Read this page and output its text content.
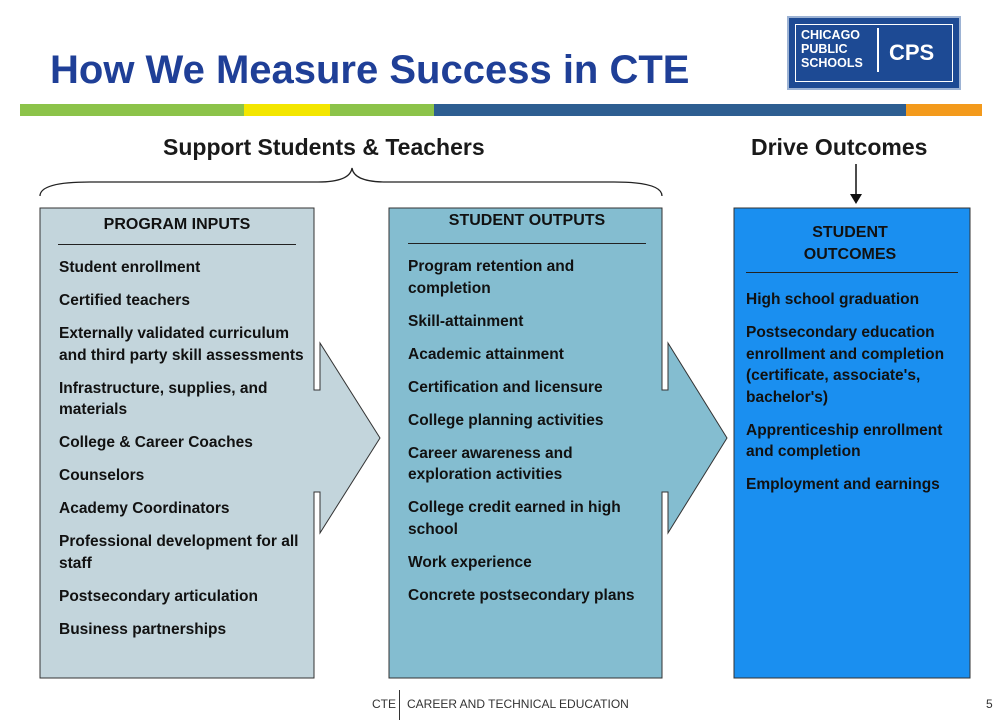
How We Measure Success in CTE
CHICAGO
PUBLIC
SCHOOLS CPS
Support Students & Teachers	Drive Outcomes
PROGRAM INPUTS
Student enrollment
Certified teachers
Externally validated curriculum and third party skill assessments
Infrastructure, supplies, and materials
College & Career Coaches
Counselors
Academy Coordinators
Professional development for all staff
Postsecondary articulation
Business partnerships
STUDENT OUTPUTS
Program retention and completion
Skill-attainment
Academic attainment
Certification and licensure
College planning activities
Career awareness and exploration activities
College credit earned in high school
Work experience
Concrete postsecondary plans
STUDENT OUTCOMES
High school graduation
Postsecondary education enrollment and completion (certificate, associate's, bachelor's)
Apprenticeship enrollment and completion
Employment and earnings
CTE CAREER AND TECHNICAL EDUCATION	5
